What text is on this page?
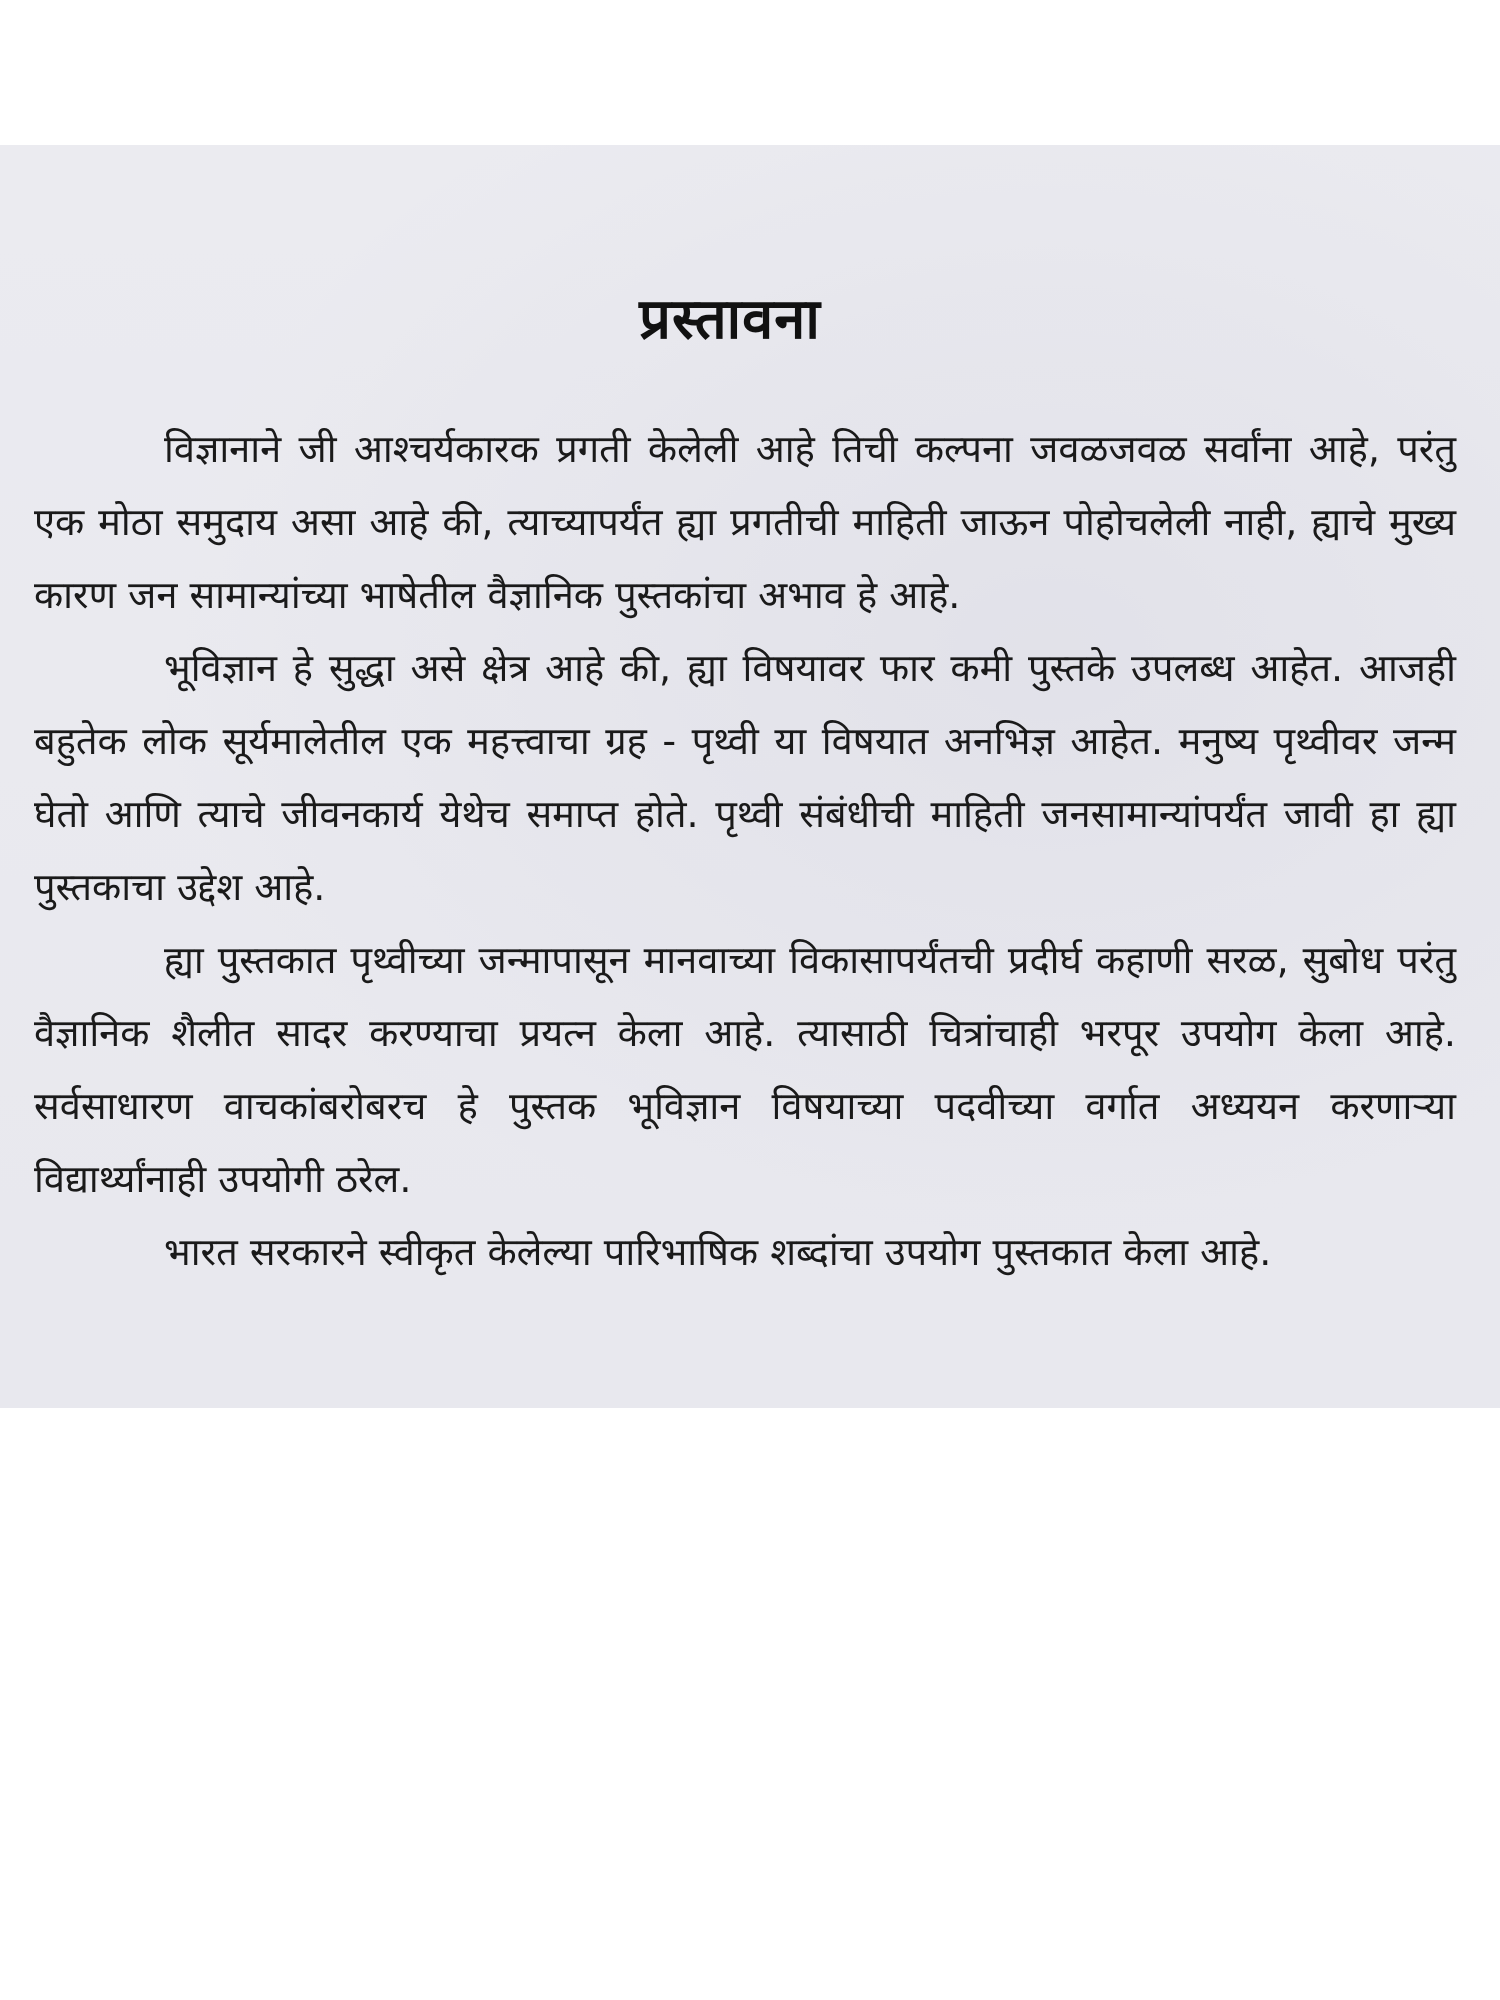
प्रस्तावना

विज्ञानाने जी आश्चर्यकारक प्रगती केलेली आहे तिची कल्पना जवळजवळ सर्वांना आहे, परंतु एक मोठा समुदाय असा आहे की, त्याच्यापर्यंत ह्या प्रगतीची माहिती जाऊन पोहोचलेली नाही, ह्याचे मुख्य कारण जन सामान्यांच्या भाषेतील वैज्ञानिक पुस्तकांचा अभाव हे आहे.

भूविज्ञान हे सुद्धा असे क्षेत्र आहे की, ह्या विषयावर फार कमी पुस्तके उपलब्ध आहेत. आजही बहुतेक लोक सूर्यमालेतील एक महत्त्वाचा ग्रह - पृथ्वी या विषयात अनभिज्ञ आहेत. मनुष्य पृथ्वीवर जन्म घेतो आणि त्याचे जीवनकार्य येथेच समाप्त होते. पृथ्वी संबंधीची माहिती जनसामान्यांपर्यंत जावी हा ह्या पुस्तकाचा उद्देश आहे.

ह्या पुस्तकात पृथ्वीच्या जन्मापासून मानवाच्या विकासापर्यंतची प्रदीर्घ कहाणी सरळ, सुबोध परंतु वैज्ञानिक शैलीत सादर करण्याचा प्रयत्न केला आहे. त्यासाठी चित्रांचाही भरपूर उपयोग केला आहे. सर्वसाधारण वाचकांबरोबरच हे पुस्तक भूविज्ञान विषयाच्या पदवीच्या वर्गात अध्ययन करणाऱ्या विद्यार्थ्यांनाही उपयोगी ठरेल.

भारत सरकारने स्वीकृत केलेल्या पारिभाषिक शब्दांचा उपयोग पुस्तकात केला आहे.
